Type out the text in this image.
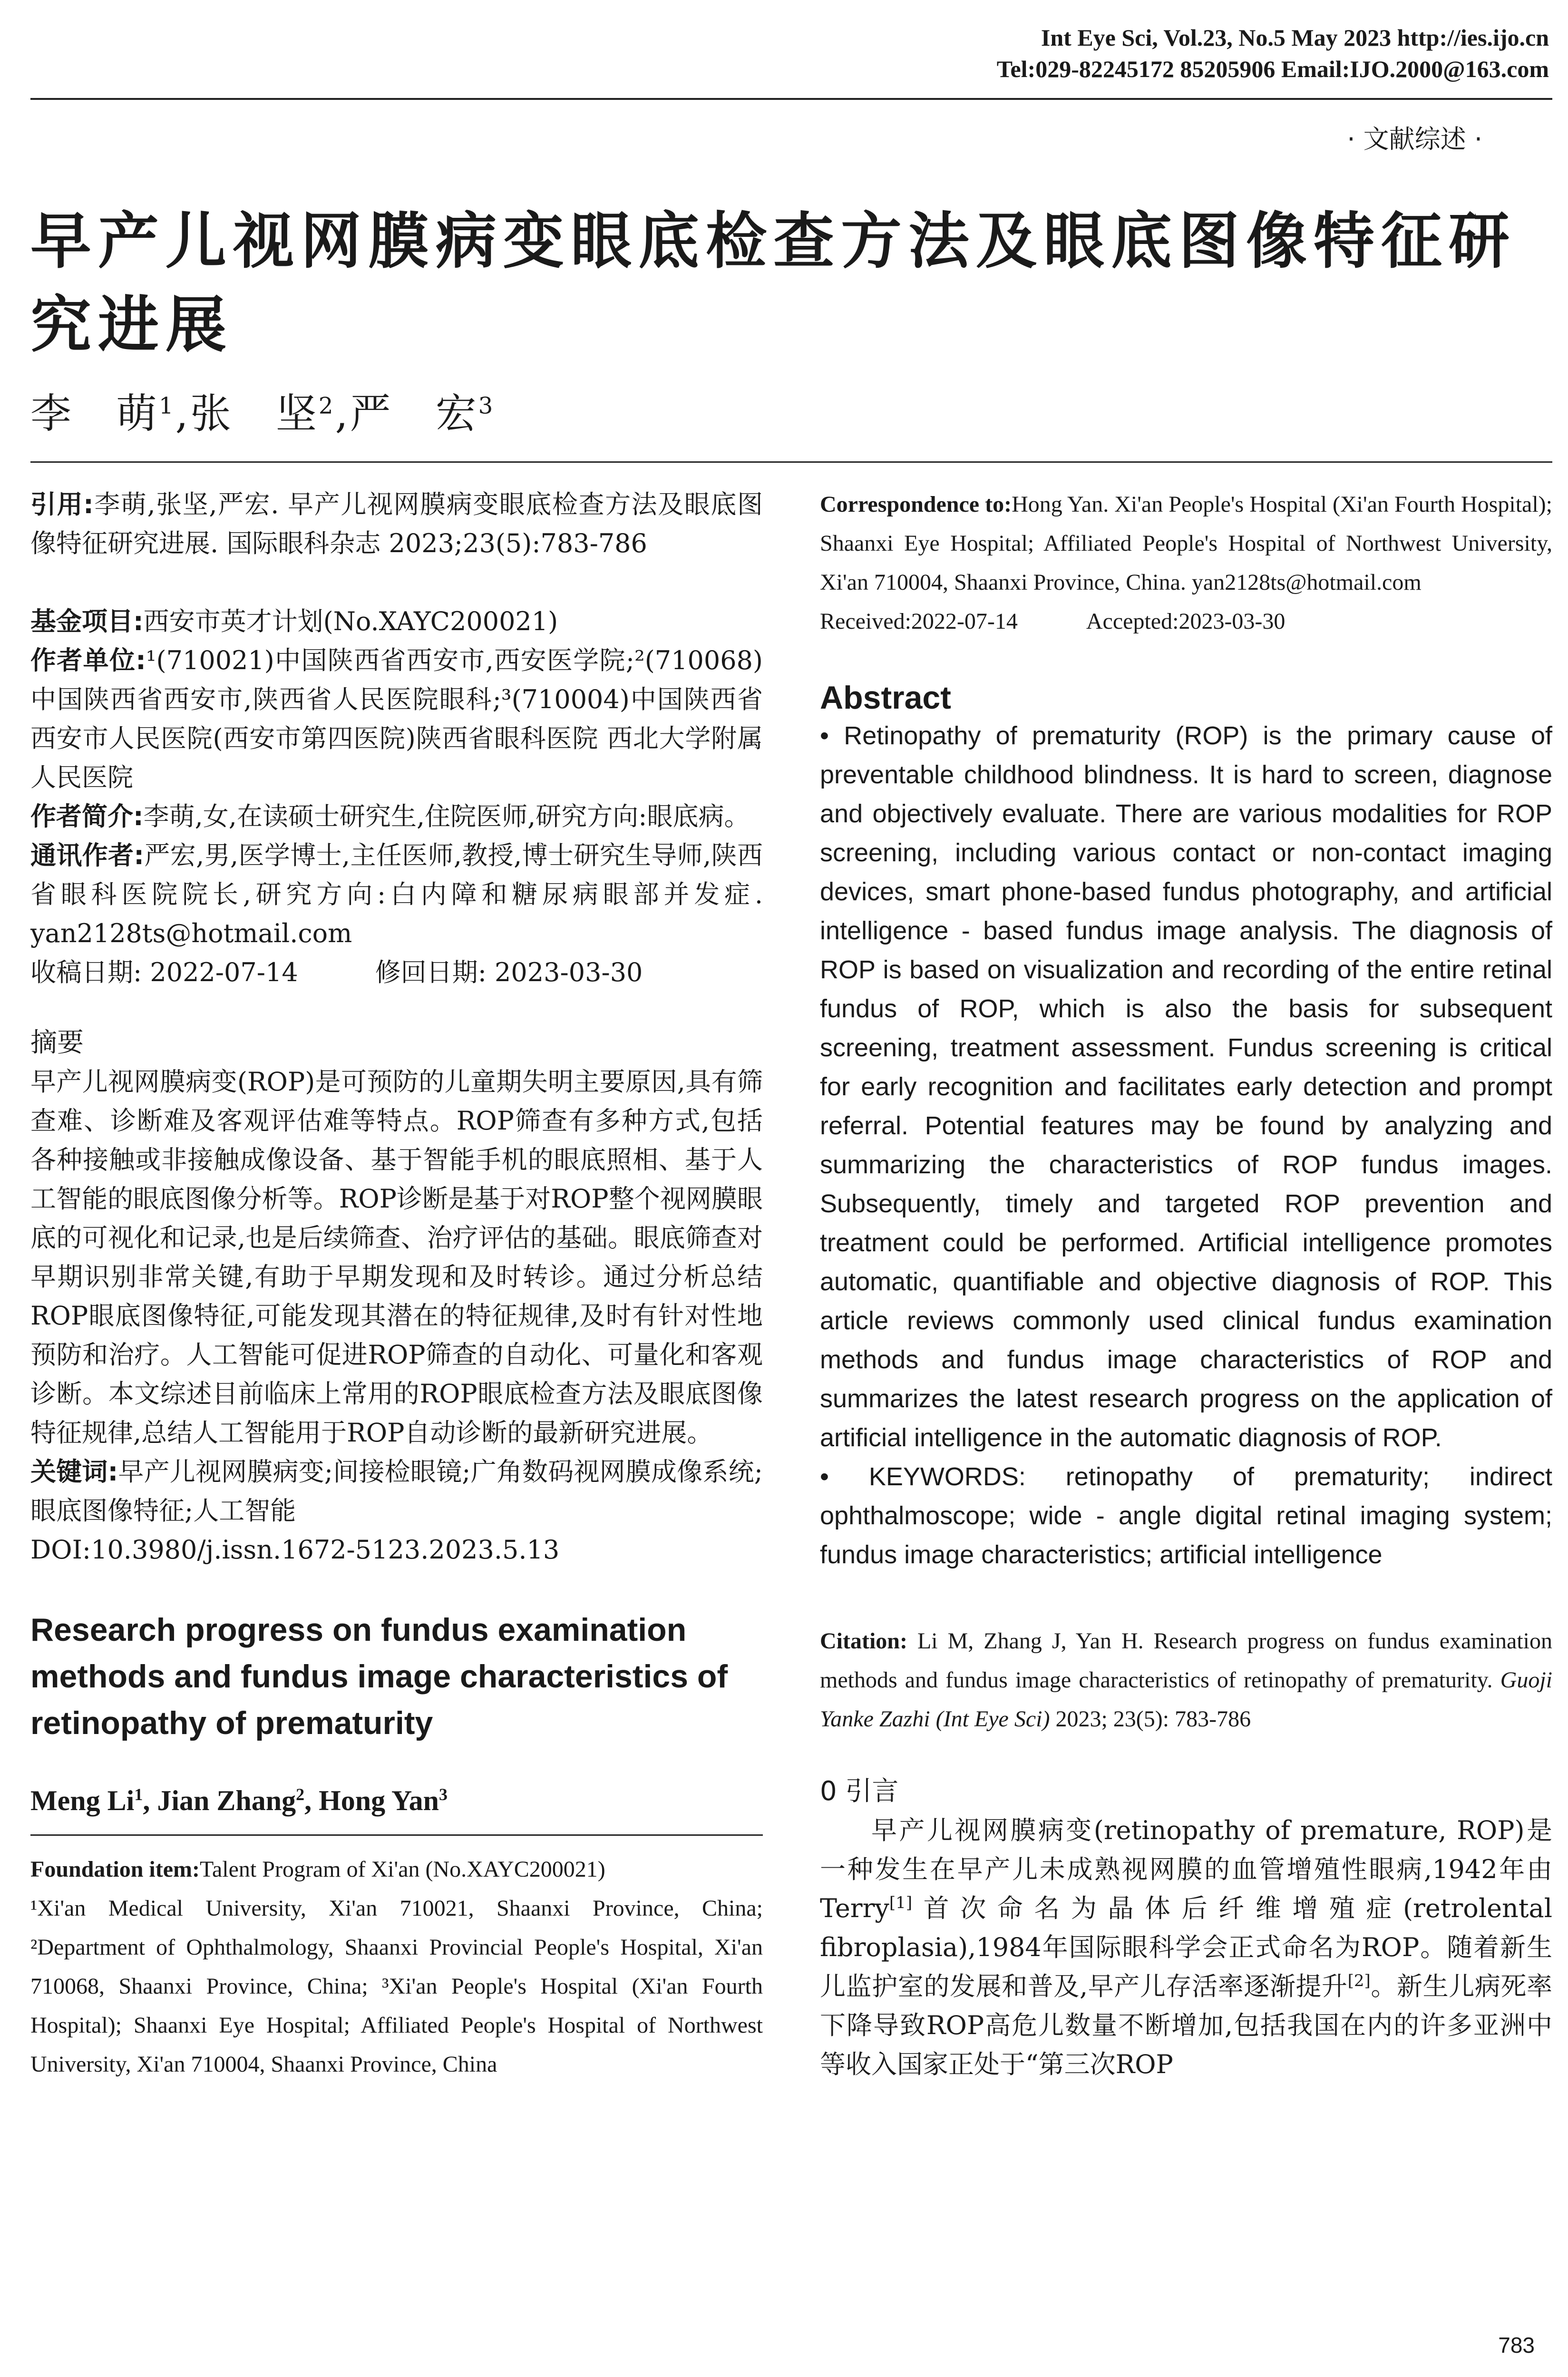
Int Eye Sci, Vol.23, No.5 May 2023 http://ies.ijo.cn
Tel:029-82245172 85205906 Email:IJO.2000@163.com
· 文献综述 ·
早产儿视网膜病变眼底检查方法及眼底图像特征研究进展
李　萌$^1$,张　坚$^2$,严　宏$^3$

引用:李萌,张坚,严宏. 早产儿视网膜病变眼底检查方法及眼底图像特征研究进展. 国际眼科杂志 2023;23(5):783-786

基金项目:西安市英才计划(No.XAYC200021)

作者单位:¹(710021)中国陕西省西安市,西安医学院;²(710068)中国陕西省西安市,陕西省人民医院眼科;³(710004)中国陕西省西安市人民医院(西安市第四医院)陕西省眼科医院 西北大学附属人民医院

作者简介:李萌,女,在读硕士研究生,住院医师,研究方向:眼底病。

通讯作者:严宏,男,医学博士,主任医师,教授,博士研究生导师,陕西省眼科医院院长,研究方向:白内障和糖尿病眼部并发症. yan2128ts@hotmail.com

收稿日期: 2022-07-14　　　	修回日期: 2023-03-30

摘要

早产儿视网膜病变(ROP)是可预防的儿童期失明主要原因,具有筛查难、诊断难及客观评估难等特点。ROP筛查有多种方式,包括各种接触或非接触成像设备、基于智能手机的眼底照相、基于人工智能的眼底图像分析等。ROP诊断是基于对ROP整个视网膜眼底的可视化和记录,也是后续筛查、治疗评估的基础。眼底筛查对早期识别非常关键,有助于早期发现和及时转诊。通过分析总结ROP眼底图像特征,可能发现其潜在的特征规律,及时有针对性地预防和治疗。人工智能可促进ROP筛查的自动化、可量化和客观诊断。本文综述目前临床上常用的ROP眼底检查方法及眼底图像特征规律,总结人工智能用于ROP自动诊断的最新研究进展。

关键词:早产儿视网膜病变;间接检眼镜;广角数码视网膜成像系统;眼底图像特征;人工智能

DOI:10.3980/j.issn.1672-5123.2023.5.13

Research progress on fundus examination methods and fundus image characteristics of retinopathy of prematurity

Meng Li$^1$, Jian Zhang$^2$, Hong Yan$^3$

Foundation item:Talent Program of Xi'an (No.XAYC200021)

¹Xi'an Medical University, Xi'an 710021, Shaanxi Province, China; ²Department of Ophthalmology, Shaanxi Provincial People's Hospital, Xi'an 710068, Shaanxi Province, China; ³Xi'an People's Hospital (Xi'an Fourth Hospital); Shaanxi Eye Hospital; Affiliated People's Hospital of Northwest University, Xi'an 710004, Shaanxi Province, China

Correspondence to:Hong Yan. Xi'an People's Hospital (Xi'an Fourth Hospital); Shaanxi Eye Hospital; Affiliated People's Hospital of Northwest University, Xi'an 710004, Shaanxi Province, China. yan2128ts@hotmail.com

Received:2022-07-14　　　	Accepted:2023-03-30

Abstract

• Retinopathy of prematurity (ROP) is the primary cause of preventable childhood blindness. It is hard to screen, diagnose and objectively evaluate. There are various modalities for ROP screening, including various contact or non-contact imaging devices, smart phone-based fundus photography, and artificial intelligence - based fundus image analysis. The diagnosis of ROP is based on visualization and recording of the entire retinal fundus of ROP, which is also the basis for subsequent screening, treatment assessment. Fundus screening is critical for early recognition and facilitates early detection and prompt referral. Potential features may be found by analyzing and summarizing the characteristics of ROP fundus images. Subsequently, timely and targeted ROP prevention and treatment could be performed. Artificial intelligence promotes automatic, quantifiable and objective diagnosis of ROP. This article reviews commonly used clinical fundus examination methods and fundus image characteristics of ROP and summarizes the latest research progress on the application of artificial intelligence in the automatic diagnosis of ROP.

• KEYWORDS: retinopathy of prematurity; indirect ophthalmoscope; wide - angle digital retinal imaging system; fundus image characteristics; artificial intelligence

Citation: Li M, Zhang J, Yan H. Research progress on fundus examination methods and fundus image characteristics of retinopathy of prematurity. Guoji Yanke Zazhi (Int Eye Sci) 2023; 23(5): 783-786

0 引言

早产儿视网膜病变(retinopathy of premature, ROP)是一种发生在早产儿未成熟视网膜的血管增殖性眼病,1942年由Terry[1]首次命名为晶体后纤维增殖症(retrolental fibroplasia),1984年国际眼科学会正式命名为ROP。随着新生儿监护室的发展和普及,早产儿存活率逐渐提升[2]。新生儿病死率下降导致ROP高危儿数量不断增加,包括我国在内的许多亚洲中等收入国家正处于“第三次ROP

783
